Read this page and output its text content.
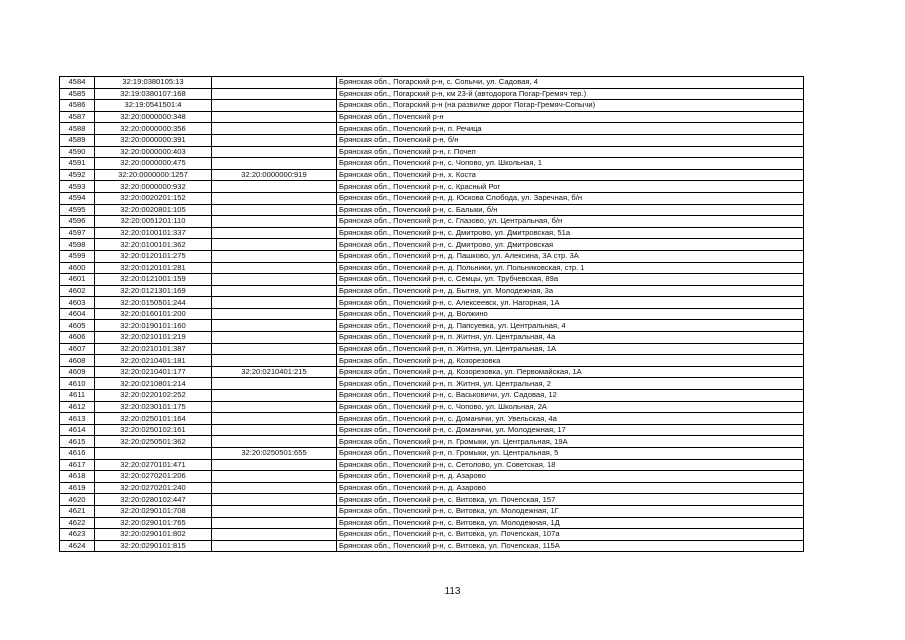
4584	32:19:0380105:13		Брянская обл., Погарский р-н, с. Сопычи, ул. Садовая, 4
4585	32:19:0380107:168		Брянская обл., Погарский р-н, км 23-й (автодорога Погар-Гремяч тер.)
4586	32:19:0541501:4		Брянская обл., Погарский р-н (на развилке дорог Погар-Гремяч-Сопычи)
4587	32:20:0000000:348		Брянская обл., Почепский р-н
4588	32:20:0000000:356		Брянская обл., Почепский р-н, п. Речица
4589	32:20:0000000:391		Брянская обл., Почепский р-н, б/н
4590	32:20:0000000:403		Брянская обл., Почепский р-н, г. Почеп
4591	32:20:0000000:475		Брянская обл., Почепский р-н, с. Чопово, ул. Школьная, 1
4592	32:20:0000000:1257	32:20:0000000:919	Брянская обл., Почепский р-н, х. Коста
4593	32:20:0000000:932		Брянская обл., Почепский р-н, с. Красный Рог
4594	32:20:0020201:152		Брянская обл., Почепский р-н, д. Юскова Слобода, ул. Заречная, б/н
4595	32:20:0020801:105		Брянская обл., Почепский р-н, с. Балыки, б/н
4596	32:20:0051201:110		Брянская обл., Почепский р-н, с. Глазово, ул. Центральная, б/н
4597	32:20:0100101:337		Брянская обл., Почепский р-н, с. Дмитрово, ул. Дмитровская, 51а
4598	32:20:0100101:362		Брянская обл., Почепский р-н, с. Дмитрово, ул. Дмитровская
4599	32:20:0120101:275		Брянская обл., Почепский р-н, д. Пашково, ул. Алексина, 3А стр. 3А
4600	32:20:0120101:281		Брянская обл., Почепский р-н, д. Польники, ул. Польниковская, стр. 1
4601	32:20:0121001:159		Брянская обл., Почепский р-н, с. Семцы, ул. Трубчевская, 89а
4602	32:20:0121301:169		Брянская обл., Почепский р-н, д. Бытня, ул. Молодежная, 3а
4603	32:20:0150501:244		Брянская обл., Почепский р-н, с. Алексеевск, ул. Нагорная, 1А
4604	32:20:0160101:200		Брянская обл., Почепский р-н, д. Волжино
4605	32:20:0190101:160		Брянская обл., Почепский р-н, д. Папсуевка, ул. Центральная, 4
4606	32:20:0210101:219		Брянская обл., Почепский р-н, п. Житня, ул. Центральная, 4а
4607	32:20:0210101:387		Брянская обл., Почепский р-н, п. Житня, ул. Центральная, 1А
4608	32:20:0210401:181		Брянская обл., Почепский р-н, д. Козорезовка
4609	32:20:0210401:177	32:20:0210401:215	Брянская обл., Почепский р-н, д. Козорезовка, ул. Первомайская, 1А
4610	32:20:0210801:214		Брянская обл., Почепский р-н, п. Житня, ул. Центральная, 2
4611	32:20:0220102:252		Брянская обл., Почепский р-н, с. Васьковичи, ул. Садовая, 12
4612	32:20:0230101:175		Брянская обл., Почепский р-н, с. Чопово, ул. Школьная, 2А
4613	32:20:0250101:164		Брянская обл., Почепский р-н, с. Доманичи, ул. Увельская, 4а
4614	32:20:0250102:161		Брянская обл., Почепский р-н, с. Доманичи, ул. Молодежная, 17
4615	32:20:0250501:362		Брянская обл., Почепский р-н, п. Громыки, ул. Центральная, 19А
4616		32:20:0250501:655	Брянская обл., Почепский р-н, п. Громыки, ул. Центральная, 5
4617	32:20:0270101:471		Брянская обл., Почепский р-н, с. Сетолово, ул. Советская, 18
4618	32:20:0270201:206		Брянская обл., Почепский р-н, д. Азарово
4619	32:20:0270201:240		Брянская обл., Почепский р-н, д. Азарово
4620	32:20:0280102:447		Брянская обл., Почепский р-н, с. Витовка, ул. Почепская, 157
4621	32:20:0290101:708		Брянская обл., Почепский р-н, с. Витовка, ул. Молодежная, 1Г
4622	32:20:0290101:765		Брянская обл., Почепский р-н, с. Витовка, ул. Молодежная, 1Д
4623	32:20:0290101:802		Брянская обл., Почепский р-н, с. Витовка, ул. Почепская, 107а
4624	32:20:0290101:815		Брянская обл., Почепский р-н, с. Витовка, ул. Почепская, 115А
113
